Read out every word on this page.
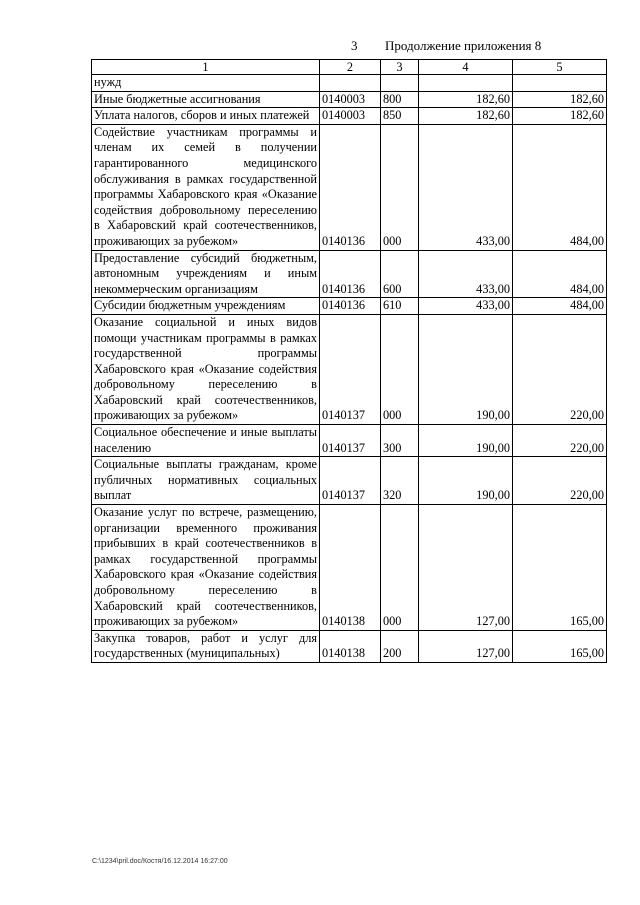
3 Продолжение приложения 8
1	2	3	4	5
нужд				
Иные бюджетные ассигнования	0140003	800	182,60	182,60
Уплата налогов, сборов и иных платежей	0140003	850	182,60	182,60
Содействие участникам программы и членам их семей в получении гарантированного медицинского обслуживания в рамках государственной программы Хабаровского края «Оказание содействия добровольному переселению в Хабаровский край соотечественников, проживающих за рубежом»	0140136	000	433,00	484,00
Предоставление субсидий бюджетным, автономным учреждениям и иным некоммерческим организациям	0140136	600	433,00	484,00
Субсидии бюджетным учреждениям	0140136	610	433,00	484,00
Оказание социальной и иных видов помощи участникам программы в рамках государственной программы Хабаровского края «Оказание содействия добровольному переселению в Хабаровский край соотечественников, проживающих за рубежом»	0140137	000	190,00	220,00
Социальное обеспечение и иные выплаты населению	0140137	300	190,00	220,00
Социальные выплаты гражданам, кроме публичных нормативных социальных выплат	0140137	320	190,00	220,00
Оказание услуг по встрече, размещению, организации временного проживания прибывших в край соотечественников в рамках государственной программы Хабаровского края «Оказание содействия добровольному переселению в Хабаровский край соотечественников, проживающих за рубежом»	0140138	000	127,00	165,00
Закупка товаров, работ и услуг для государственных (муниципальных)	0140138	200	127,00	165,00
C:\1234\pril.doc/Костя/16.12.2014 16:27:00
